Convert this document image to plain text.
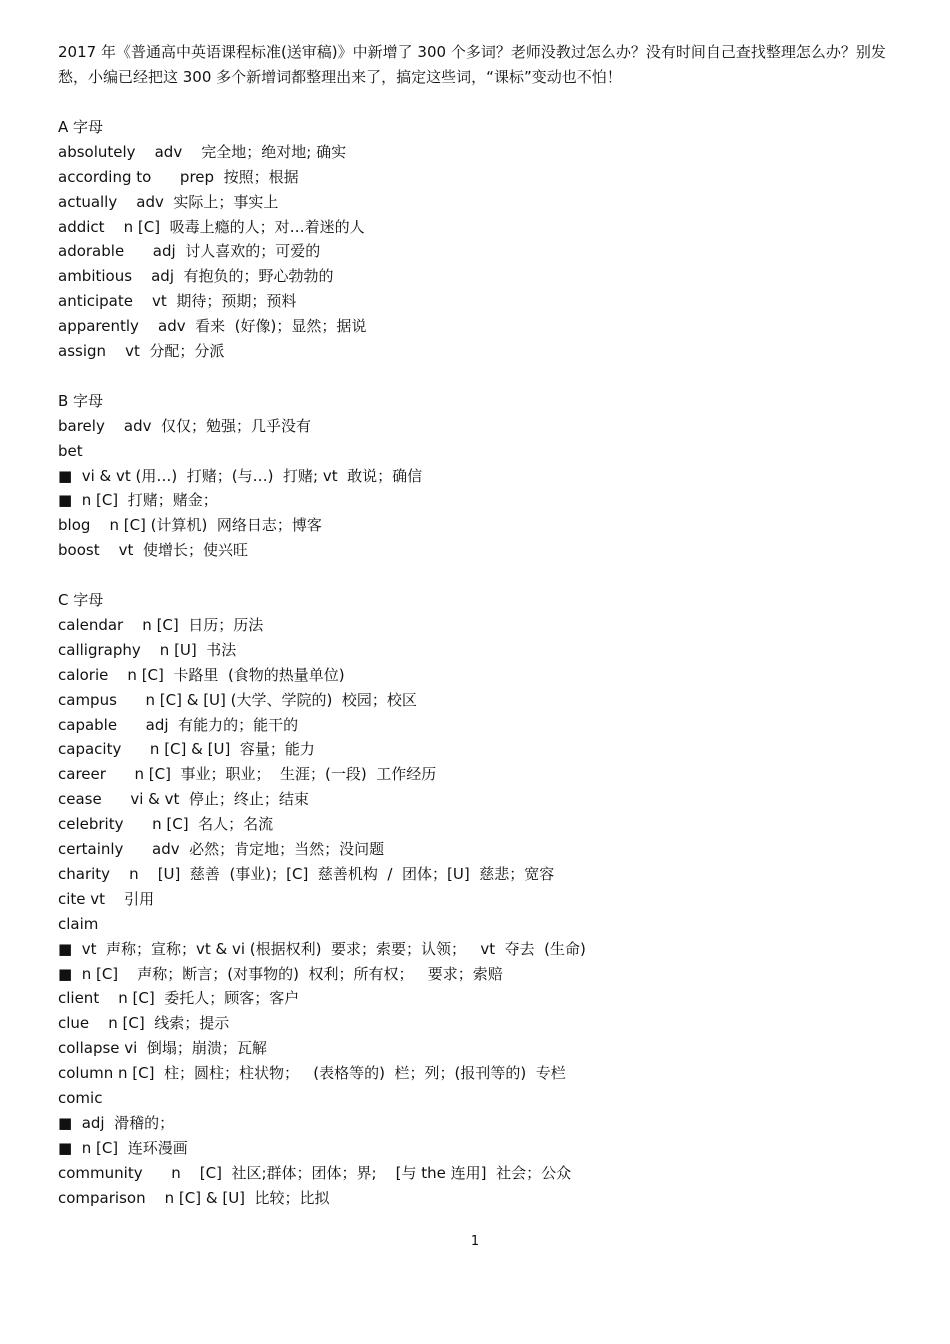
2017 年《普通高中英语课程标准(送审稿)》中新增了 300 个多词？老师没教过怎么办？没有时间自己查找整理怎么办？别发愁，小编已经把这 300 多个新增词都整理出来了，搞定这些词，“课标”变动也不怕！

A 字母
absolutely    adv    完全地；绝对地; 确实
according to      prep  按照；根据
actually    adv  实际上；事实上
addict    n [C]  吸毒上瘾的人；对…着迷的人
adorable      adj  讨人喜欢的；可爱的
ambitious    adj  有抱负的；野心勃勃的
anticipate    vt  期待；预期；预料
apparently    adv  看来  (好像)；显然；据说
assign    vt  分配；分派
B 字母
barely    adv  仅仅；勉强；几乎没有
bet
■  vi & vt (用…)  打赌；(与…)  打赌; vt  敢说；确信
■  n [C]  打赌；赌金；
blog    n [C] (计算机)  网络日志；博客
boost    vt  使增长；使兴旺
C 字母
calendar    n [C]  日历；历法
calligraphy    n [U]  书法
calorie    n [C]  卡路里  (食物的热量单位)
campus      n [C] & [U] (大学、学院的)  校园；校区
capable      adj  有能力的；能干的
capacity      n [C] & [U]  容量；能力
career      n [C]  事业；职业；  生涯；(一段)  工作经历
cease      vi & vt  停止；终止；结束
celebrity      n [C]  名人；名流
certainly      adv  必然；肯定地；当然；没问题
charity    n    [U]  慈善  (事业)；[C]  慈善机构  /  团体；[U]  慈悲；宽容
cite vt    引用
claim
■  vt  声称；宣称；vt & vi (根据权利)  要求；索要；认领；   vt  夺去  (生命)
■  n [C]    声称；断言；(对事物的)  权利；所有权；   要求；索赔
client    n [C]  委托人；顾客；客户
clue    n [C]  线索；提示
collapse vi  倒塌；崩溃；瓦解
column n [C]  柱；圆柱；柱状物；   (表格等的)  栏；列；(报刊等的)  专栏
comic
■  adj  滑稽的；
■  n [C]  连环漫画
community      n    [C]  社区;群体；团体；界;    [与 the 连用]  社会；公众
comparison    n [C] & [U]  比较；比拟
1
